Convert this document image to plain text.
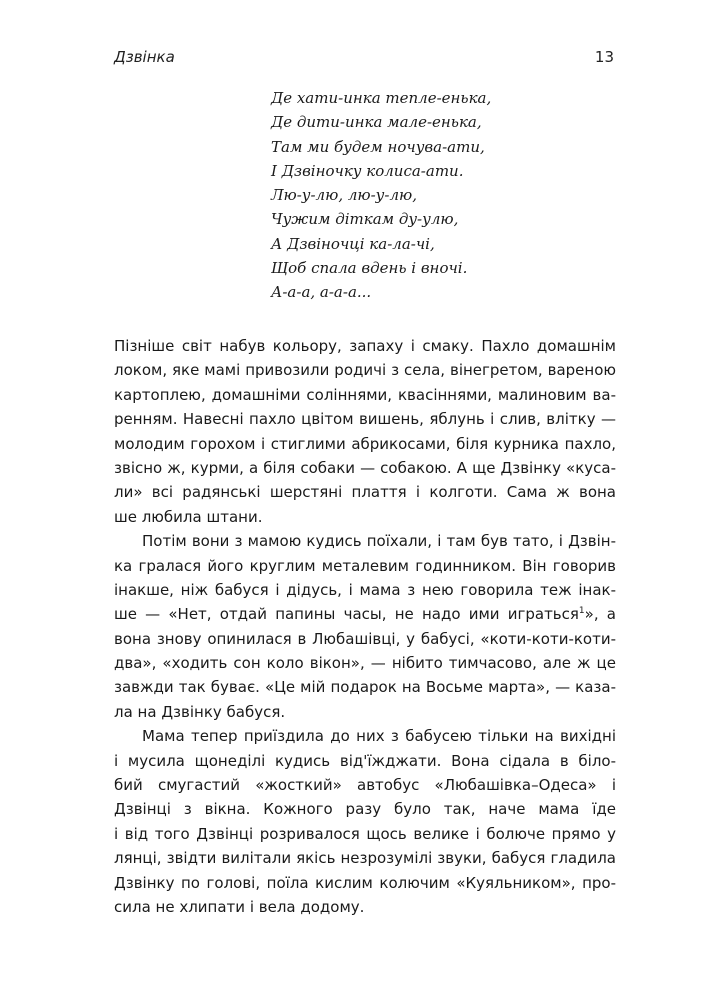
Дзвінка	13
Де хати-инка тепле-енька,
Де дити-инка мале-енька,
Там ми будем ночува-ати,
І Дзвіночку колиса-ати.
Лю-у-лю, лю-у-лю,
Чужим діткам ду-улю,
А Дзвіночці ка-ла-чі,
Щоб спала вдень і вночі.
А-а-а, а-а-а...
Пізніше світ набув кольору, запаху і смаку. Пахло домашнім
локом, яке мамі привозили родичі з села, вінегретом, вареною
картоплею, домашніми соліннями, квасіннями, малиновим ва-
ренням. Навесні пахло цвітом вишень, яблунь і слив, влітку —
молодим горохом і стиглими абрикосами, біля курника пахло,
звісно ж, курми, а біля собаки — собакою. А ще Дзвінку «куса-
ли» всі радянські шерстяні плаття і колготи. Сама ж вона
ше любила штани.
Потім вони з мамою кудись поїхали, і там був тато, і Дзвін-
ка гралася його круглим металевим годинником. Він говорив
інакше, ніж бабуся і дідусь, і мама з нею говорила теж інак-
ше — «Нет, отдай папины часы, не надо ими играться$^1$», а
вона знову опинилася в Любашівці, у бабусі, «коти-коти-коти-
два», «ходить сон коло вікон», — нібито тимчасово, але ж це
завжди так буває. «Це мій подарок на Восьме марта», — каза-
ла на Дзвінку бабуся.
Мама тепер приїздила до них з бабусею тільки на вихідні
і мусила щонеділі кудись від'їжджати. Вона сідала в біло-
бий смугастий «жосткий» автобус «Любашівка–Одеса» і
Дзвінці з вікна. Кожного разу було так, наче мама їде
і від того Дзвінці розривалося щось велике і болюче прямо у
лянці, звідти вилітали якісь незрозумілі звуки, бабуся гладила
Дзвінку по голові, поїла кислим колючим «Куяльником», про-
сила не хлипати і вела додому.
